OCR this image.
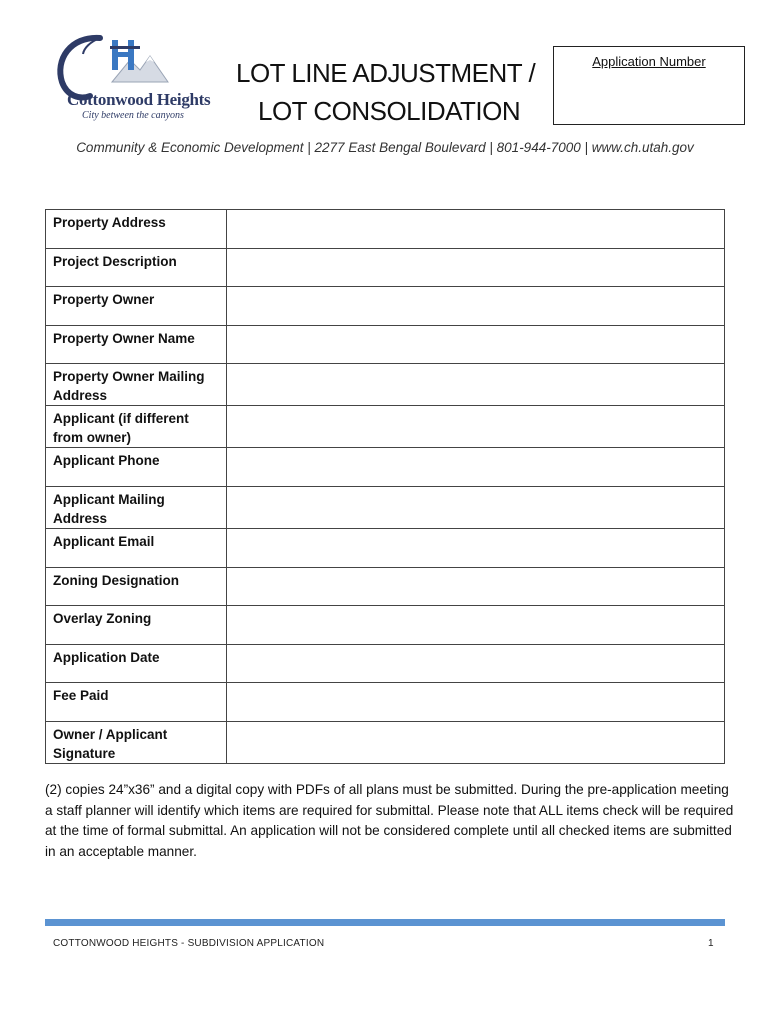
Cottonwood Heights
City between the canyons
LOT LINE ADJUSTMENT /
LOT CONSOLIDATION
Application Number
Community & Economic Development | 2277 East Bengal Boulevard | 801-944-7000 | www.ch.utah.gov
Property Address	
Project Description	
Property Owner	
Property Owner Name	
Property Owner Mailing Address	
Applicant (if different from owner)	
Applicant Phone	
Applicant Mailing Address	
Applicant Email	
Zoning Designation	
Overlay Zoning	
Application Date	
Fee Paid	
Owner / Applicant Signature	
(2) copies 24”x36” and a digital copy with PDFs of all plans must be submitted. During the pre-application meeting a staff planner will identify which items are required for submittal. Please note that ALL items check will be required at the time of formal submittal. An application will not be considered complete until all checked items are submitted in an acceptable manner.
COTTONWOOD HEIGHTS - SUBDIVISION APPLICATION	1
